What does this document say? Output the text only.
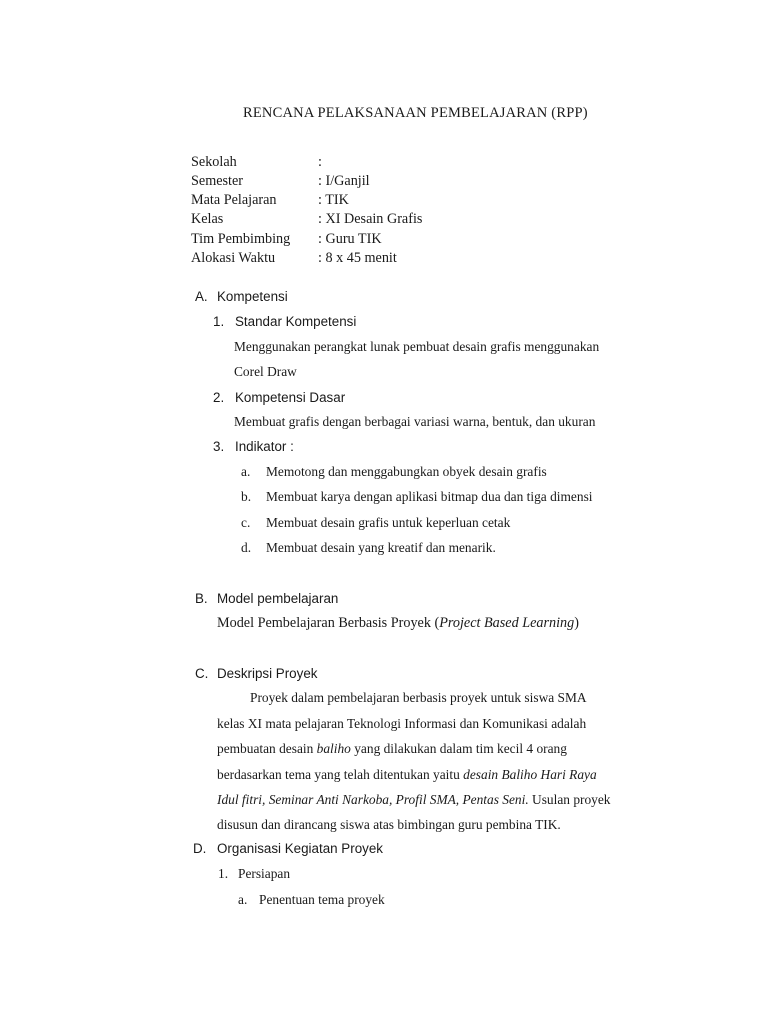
RENCANA PELAKSANAAN PEMBELAJARAN (RPP)
Sekolah	:
Semester	: I/Ganjil
Mata Pelajaran	: TIK
Kelas	: XI Desain Grafis
Tim Pembimbing : Guru TIK
Alokasi Waktu	: 8 x 45 menit
A. Kompetensi
1. Standar Kompetensi
Menggunakan perangkat lunak pembuat desain grafis menggunakan
Corel Draw
2. Kompetensi Dasar
Membuat grafis dengan berbagai variasi warna, bentuk, dan ukuran
3. Indikator :
a. Memotong dan menggabungkan obyek desain grafis
b. Membuat karya dengan aplikasi bitmap dua dan tiga dimensi
c. Membuat desain grafis untuk keperluan cetak
d. Membuat desain yang kreatif dan menarik.
B. Model pembelajaran
Model Pembelajaran Berbasis Proyek (Project Based Learning)
C. Deskripsi Proyek
Proyek dalam pembelajaran berbasis proyek untuk siswa SMA
kelas XI mata pelajaran Teknologi Informasi dan Komunikasi adalah
pembuatan desain baliho yang dilakukan dalam tim kecil 4 orang
berdasarkan tema yang telah ditentukan yaitu desain Baliho Hari Raya
Idul fitri, Seminar Anti Narkoba, Profil SMA, Pentas Seni. Usulan proyek
disusun dan dirancang siswa atas bimbingan guru pembina TIK.
D. Organisasi Kegiatan Proyek
1. Persiapan
a. Penentuan tema proyek
